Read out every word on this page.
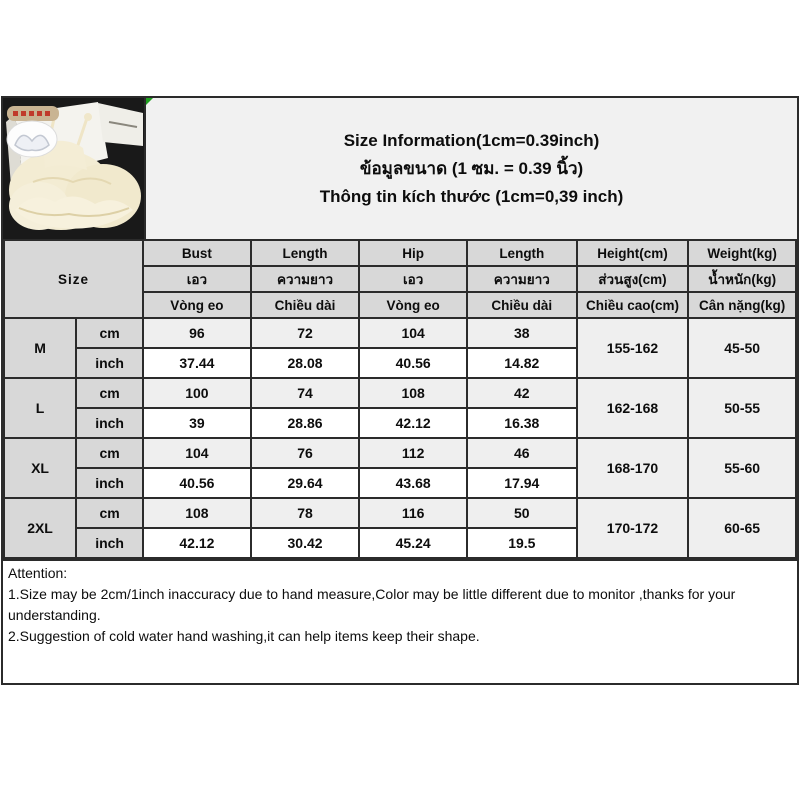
Size Information(1cm=0.39inch)
ข้อมูลขนาด (1 ซม. = 0.39 นิ้ว)
Thông tin kích thước (1cm=0,39 inch)
Size		Bust	Length	Hip	Length	Height(cm)	Weight(kg)
		เอว	ความยาว	เอว	ความยาว	ส่วนสูง(cm)	น้ำหนัก(kg)
		Vòng eo	Chiều dài	Vòng eo	Chiều dài	Chiều cao(cm)	Cân nặng(kg)
M	cm	96	72	104	38	155-162	45-50
	inch	37.44	28.08	40.56	14.82		
L	cm	100	74	108	42	162-168	50-55
	inch	39	28.86	42.12	16.38		
XL	cm	104	76	112	46	168-170	55-60
	inch	40.56	29.64	43.68	17.94		
2XL	cm	108	78	116	50	170-172	60-65
	inch	42.12	30.42	45.24	19.5		
Attention:
1.Size may be 2cm/1inch inaccuracy due to hand measure,Color may be little different due to monitor ,thanks for your understanding.
2.Suggestion of cold water hand washing,it can help items keep their shape.
